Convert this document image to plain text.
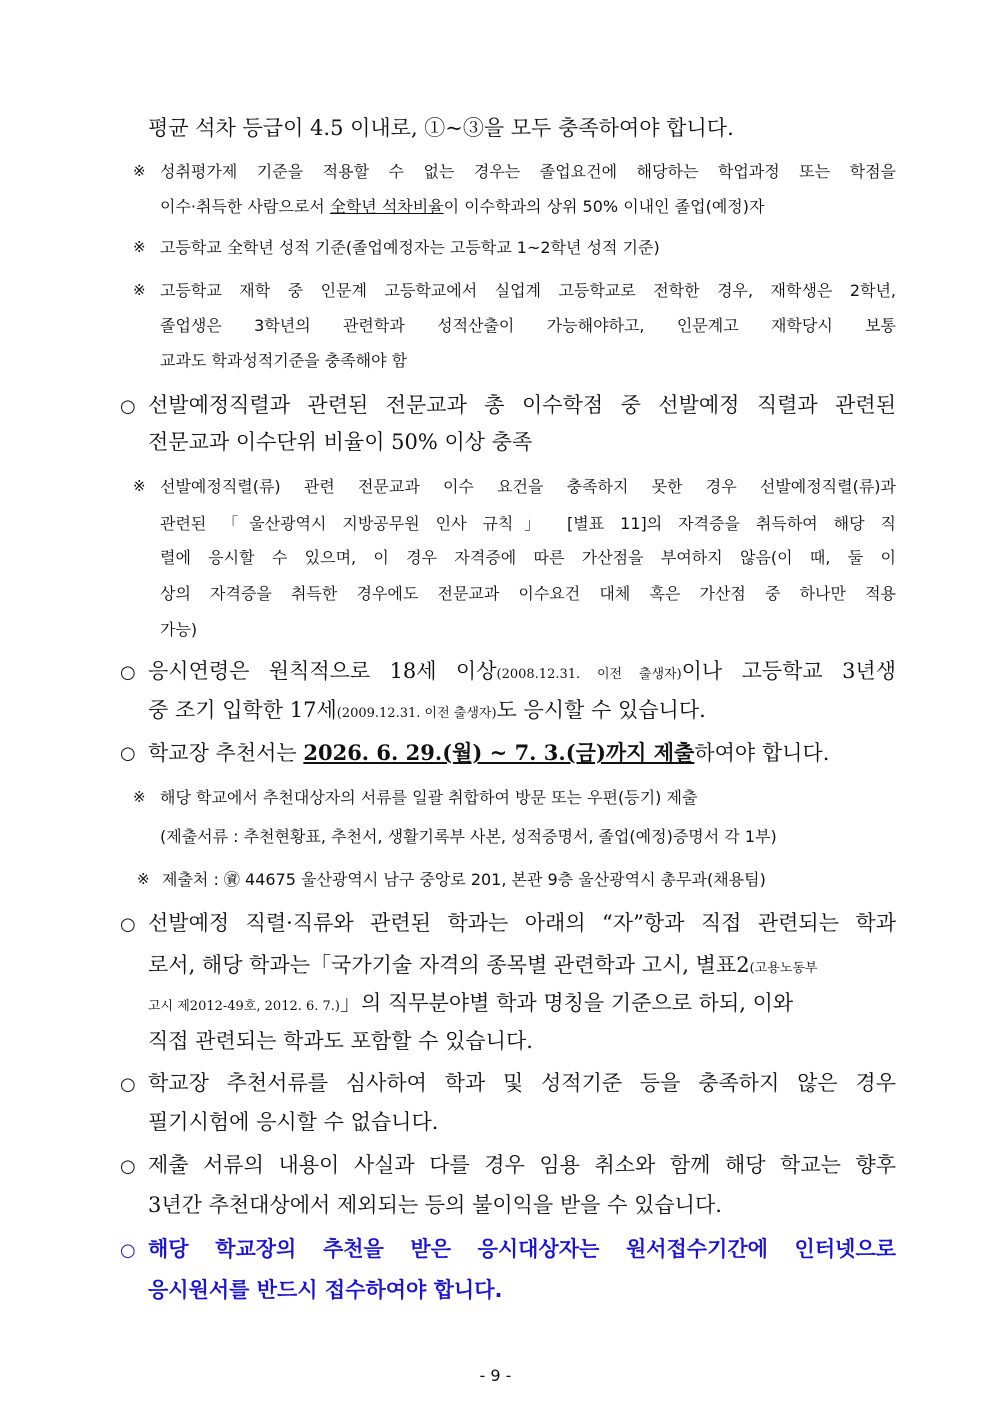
평균 석차 등급이 4.5 이내로, ①~③을 모두 충족하여야 합니다.
※ 성취평가제 기준을 적용할 수 없는 경우는 졸업요건에 해당하는 학업과정 또는 학점을
이수·취득한 사람으로서 全학년 석차비율이 이수학과의 상위 50% 이내인 졸업(예정)자
※ 고등학교 全학년 성적 기준(졸업예정자는 고등학교 1~2학년 성적 기준)
※ 고등학교 재학 중 인문계 고등학교에서 실업계 고등학교로 전학한 경우, 재학생은 2학년,
졸업생은 3학년의 관련학과 성적산출이 가능해야하고, 인문계고 재학당시 보통
교과도 학과성적기준을 충족해야 함
○ 선발예정직렬과 관련된 전문교과 총 이수학점 중 선발예정 직렬과 관련된
전문교과 이수단위 비율이 50% 이상 충족
※ 선발예정직렬(류) 관련 전문교과 이수 요건을 충족하지 못한 경우 선발예정직렬(류)과
관련된 「울산광역시 지방공무원 인사 규칙」 [별표 11]의 자격증을 취득하여 해당 직
렬에 응시할 수 있으며, 이 경우 자격증에 따른 가산점을 부여하지 않음(이 때, 둘 이
상의 자격증을 취득한 경우에도 전문교과 이수요건 대체 혹은 가산점 중 하나만 적용
가능)
○ 응시연령은 원칙적으로 18세 이상(2008.12.31. 이전 출생자)이나 고등학교 3년생
중 조기 입학한 17세(2009.12.31. 이전 출생자)도 응시할 수 있습니다.
○ 학교장 추천서는 2026. 6. 29.(월) ~ 7. 3.(금)까지 제출하여야 합니다.
※ 해당 학교에서 추천대상자의 서류를 일괄 취합하여 방문 또는 우편(등기) 제출
(제출서류 : 추천현황표, 추천서, 생활기록부 사본, 성적증명서, 졸업(예정)증명서 각 1부)
※ 제출처 : ㊮ 44675 울산광역시 남구 중앙로 201, 본관 9층 울산광역시 총무과(채용팀)
○ 선발예정 직렬·직류와 관련된 학과는 아래의 “자”항과 직접 관련되는 학과
로서, 해당 학과는「국가기술 자격의 종목별 관련학과 고시, 별표2(고용노동부
고시 제2012-49호, 2012. 6. 7.)」의 직무분야별 학과 명칭을 기준으로 하되, 이와
직접 관련되는 학과도 포함할 수 있습니다.
○ 학교장 추천서류를 심사하여 학과 및 성적기준 등을 충족하지 않은 경우
필기시험에 응시할 수 없습니다.
○ 제출 서류의 내용이 사실과 다를 경우 임용 취소와 함께 해당 학교는 향후
3년간 추천대상에서 제외되는 등의 불이익을 받을 수 있습니다.
○ 해당 학교장의 추천을 받은 응시대상자는 원서접수기간에 인터넷으로
응시원서를 반드시 접수하여야 합니다.
- 9 -
